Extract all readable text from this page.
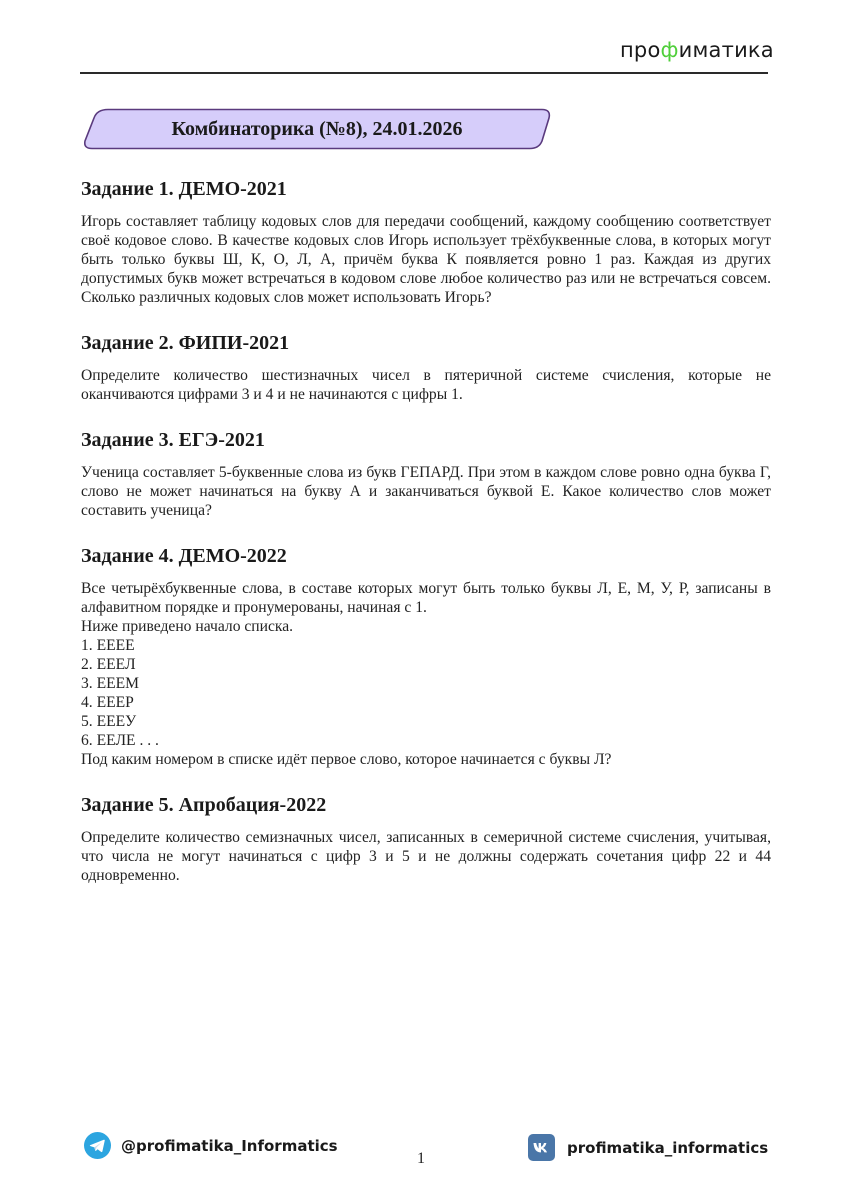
профиматика
Комбинаторика (№8), 24.01.2026
Задание 1. ДЕМО-2021
Игорь составляет таблицу кодовых слов для передачи сообщений, каждому сообщению соответствует своё кодовое слово. В качестве кодовых слов Игорь использует трёхбуквенные слова, в которых могут быть только буквы Ш, К, О, Л, А, причём буква К появляется ровно 1 раз. Каждая из других допустимых букв может встречаться в кодовом слове любое количество раз или не встречаться совсем. Сколько различных кодовых слов может использовать Игорь?
Задание 2. ФИПИ-2021
Определите количество шестизначных чисел в пятеричной системе счисления, которые не оканчиваются цифрами 3 и 4 и не начинаются с цифры 1.
Задание 3. ЕГЭ-2021
Ученица составляет 5-буквенные слова из букв ГЕПАРД. При этом в каждом слове ровно одна буква Г, слово не может начинаться на букву А и заканчиваться буквой Е. Какое количество слов может составить ученица?
Задание 4. ДЕМО-2022

Все четырёхбуквенные слова, в составе которых могут быть только буквы Л, Е, М, У, Р, записаны в алфавитном порядке и пронумерованы, начиная с 1.

Ниже приведено начало списка.
1. ЕЕЕЕ
2. ЕЕЕЛ
3. ЕЕЕМ
4. ЕЕЕР
5. ЕЕЕУ
6. ЕЕЛЕ . . .
Под каким номером в списке идёт первое слово, которое начинается с буквы Л?
Задание 5. Апробация-2022
Определите количество семизначных чисел, записанных в семеричной системе счисления, учитывая, что числа не могут начинаться с цифр 3 и 5 и не должны содержать сочетания цифр 22 и 44 одновременно.
@profimatika_Informatics
1
profimatika_informatics
